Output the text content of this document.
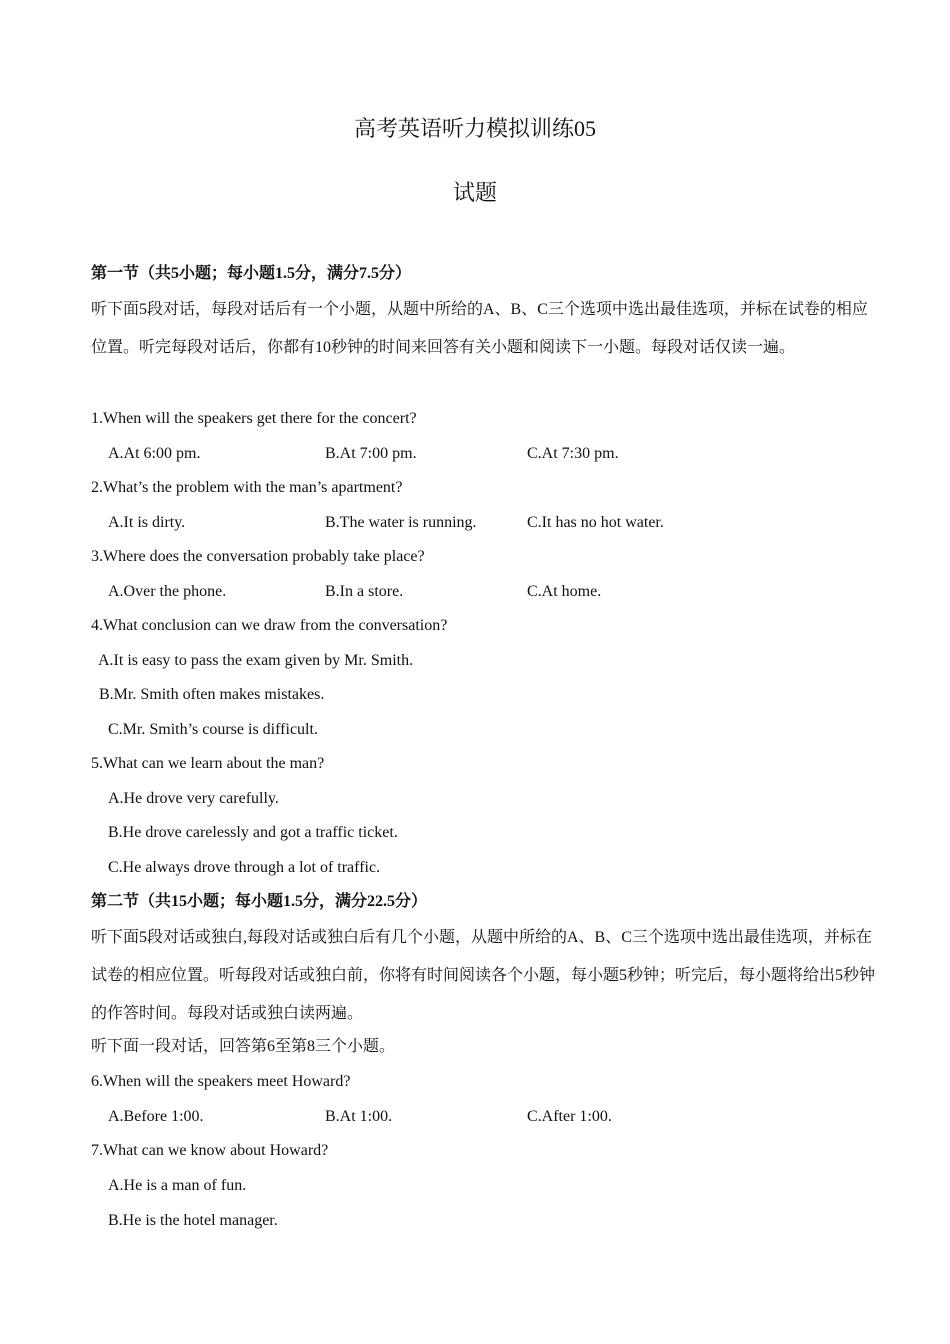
高考英语听力模拟训练05
试题
第一节（共5小题；每小题1.5分，满分7.5分）
听下面5段对话，每段对话后有一个小题，从题中所给的A、B、C三个选项中选出最佳选项，并标在试卷的相应位置。听完每段对话后，你都有10秒钟的时间来回答有关小题和阅读下一小题。每段对话仅读一遍。
1.When will the speakers get there for the concert?
A.At 6:00 pm.	B.At 7:00 pm.	C.At 7:30 pm.
2.What’s the problem with the man’s apartment?
A.It is dirty.	B.The water is running.	C.It has no hot water.
3.Where does the conversation probably take place?
A.Over the phone.	B.In a store.	C.At home.
4.What conclusion can we draw from the conversation?
A.It is easy to pass the exam given by Mr. Smith.
B.Mr. Smith often makes mistakes.
C.Mr. Smith’s course is difficult.
5.What can we learn about the man?
A.He drove very carefully.
B.He drove carelessly and got a traffic ticket.
C.He always drove through a lot of traffic.
第二节（共15小题；每小题1.5分，满分22.5分）
听下面5段对话或独白,每段对话或独白后有几个小题，从题中所给的A、B、C三个选项中选出最佳选项，并标在试卷的相应位置。听每段对话或独白前，你将有时间阅读各个小题，每小题5秒钟；听完后，每小题将给出5秒钟的作答时间。每段对话或独白读两遍。
听下面一段对话，回答第6至第8三个小题。
6.When will the speakers meet Howard?
A.Before 1:00.	B.At 1:00.	C.After 1:00.
7.What can we know about Howard?
A.He is a man of fun.
B.He is the hotel manager.
